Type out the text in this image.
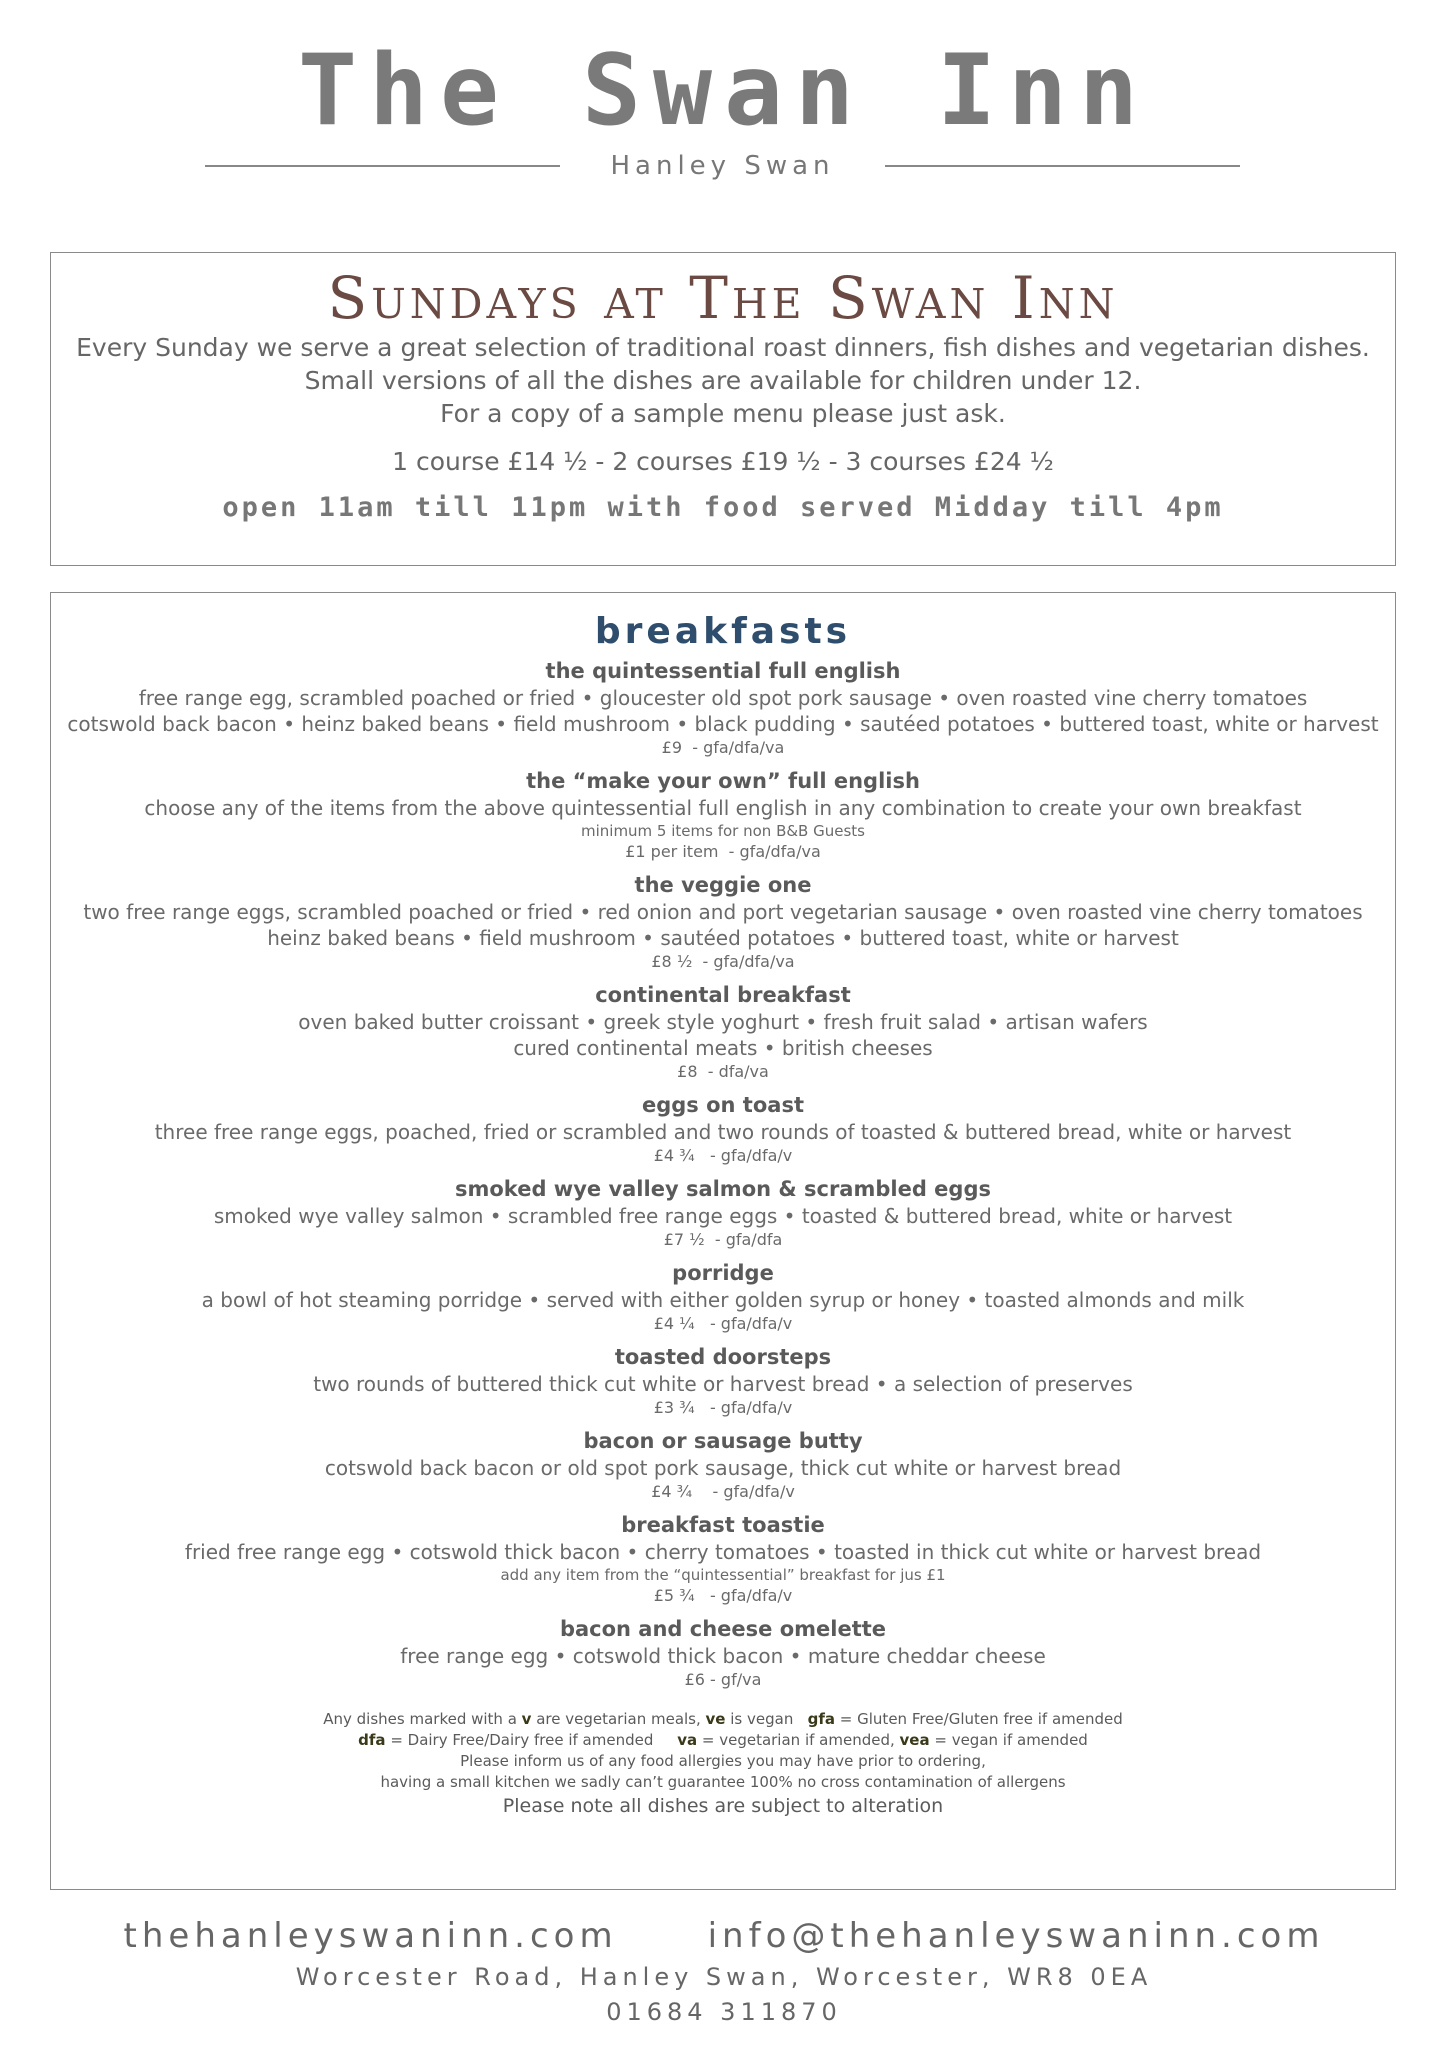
The Swan Inn
Hanley Swan
Sundays at The Swan Inn
Every Sunday we serve a great selection of traditional roast dinners, fish dishes and vegetarian dishes.
Small versions of all the dishes are available for children under 12.
For a copy of a sample menu please just ask.
1 course £14 ½ - 2 courses £19 ½ - 3 courses £24 ½
open 11am till 11pm with food served Midday till 4pm
breakfasts
the quintessential full english
free range egg, scrambled poached or fried • gloucester old spot pork sausage • oven roasted vine cherry tomatoes
cotswold back bacon • heinz baked beans • field mushroom • black pudding • sautéed potatoes • buttered toast, white or harvest
£9  - gfa/dfa/va
the “make your own” full english
choose any of the items from the above quintessential full english in any combination to create your own breakfast
minimum 5 items for non B&B Guests
£1 per item  - gfa/dfa/va
the veggie one
two free range eggs, scrambled poached or fried • red onion and port vegetarian sausage • oven roasted vine cherry tomatoes
heinz baked beans • field mushroom • sautéed potatoes • buttered toast, white or harvest
£8 ½  - gfa/dfa/va
continental breakfast
oven baked butter croissant • greek style yoghurt • fresh fruit salad • artisan wafers
cured continental meats • british cheeses
£8  - dfa/va
eggs on toast
three free range eggs, poached, fried or scrambled and two rounds of toasted & buttered bread, white or harvest
£4 ¾   - gfa/dfa/v
smoked wye valley salmon & scrambled eggs
smoked wye valley salmon • scrambled free range eggs • toasted & buttered bread, white or harvest
£7 ½  - gfa/dfa
porridge
a bowl of hot steaming porridge • served with either golden syrup or honey • toasted almonds and milk
£4 ¼   - gfa/dfa/v
toasted doorsteps
two rounds of buttered thick cut white or harvest bread • a selection of preserves
£3 ¾   - gfa/dfa/v
bacon or sausage butty
cotswold back bacon or old spot pork sausage, thick cut white or harvest bread
£4 ¾    - gfa/dfa/v
breakfast toastie
fried free range egg • cotswold thick bacon • cherry tomatoes • toasted in thick cut white or harvest bread
add any item from the “quintessential” breakfast for jus £1
£5 ¾   - gfa/dfa/v
bacon and cheese omelette
free range egg • cotswold thick bacon • mature cheddar cheese
£6 - gf/va
Any dishes marked with a v are vegetarian meals, ve is vegan   gfa = Gluten Free/Gluten free if amended
dfa = Dairy Free/Dairy free if amended     va = vegetarian if amended, vea = vegan if amended
Please inform us of any food allergies you may have prior to ordering,
having a small kitchen we sadly can’t guarantee 100% no cross contamination of allergens
Please note all dishes are subject to alteration
thehanleyswaninn.com	info@thehanleyswaninn.com
Worcester Road, Hanley Swan, Worcester, WR8 0EA
01684 311870
